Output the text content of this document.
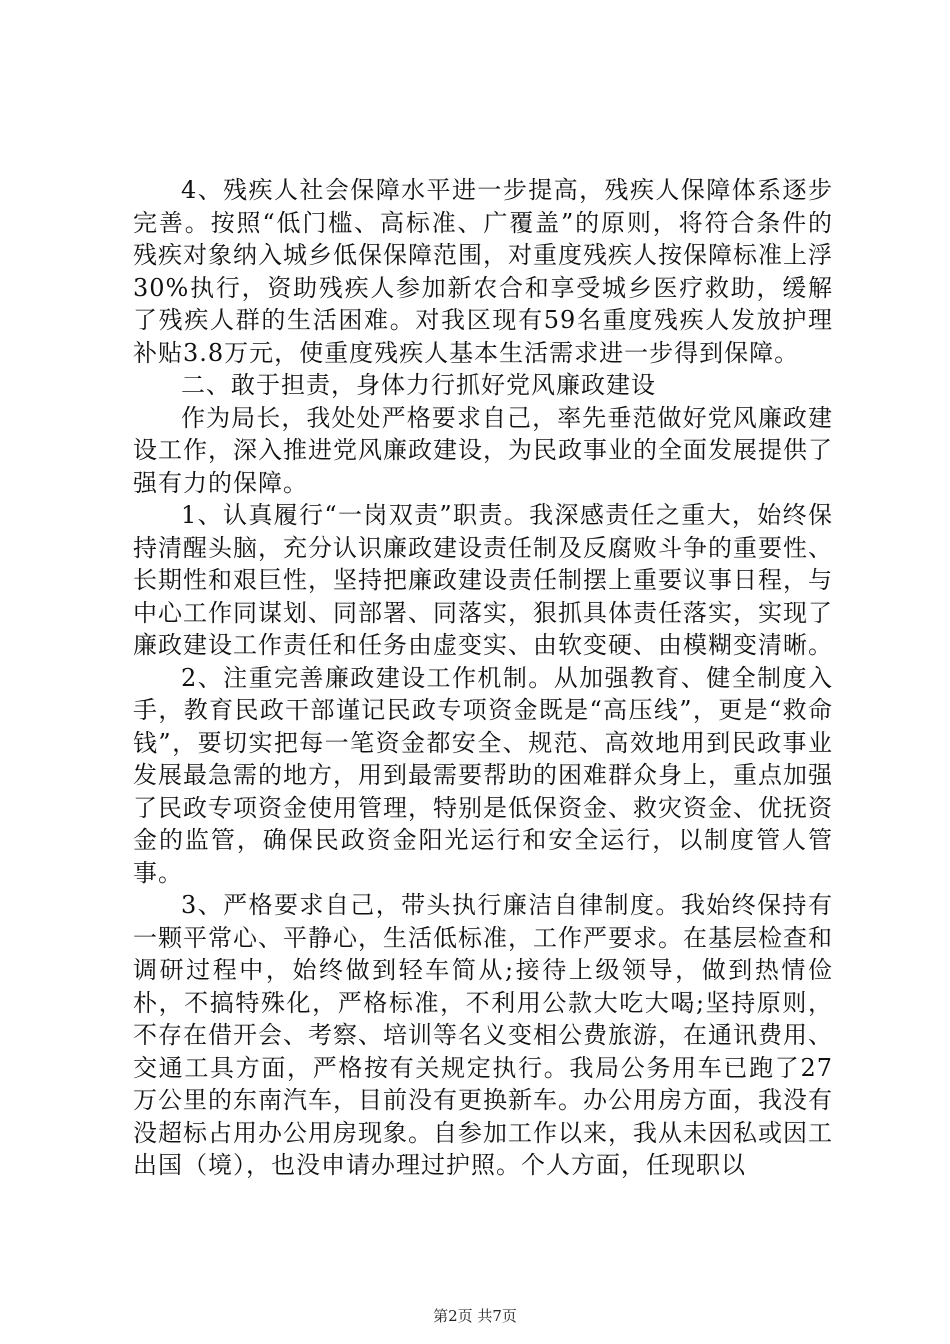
4、残疾人社会保障水平进一步提高，残疾人保障体系逐步完善。按照“低门槛、高标准、广覆盖”的原则，将符合条件的残疾对象纳入城乡低保保障范围，对重度残疾人按保障标准上浮30%执行，资助残疾人参加新农合和享受城乡医疗救助，缓解了残疾人群的生活困难。对我区现有59名重度残疾人发放护理补贴3.8万元，使重度残疾人基本生活需求进一步得到保障。

二、敢于担责，身体力行抓好党风廉政建设

作为局长，我处处严格要求自己，率先垂范做好党风廉政建设工作，深入推进党风廉政建设，为民政事业的全面发展提供了强有力的保障。

1、认真履行“一岗双责”职责。我深感责任之重大，始终保持清醒头脑，充分认识廉政建设责任制及反腐败斗争的重要性、长期性和艰巨性，坚持把廉政建设责任制摆上重要议事日程，与中心工作同谋划、同部署、同落实，狠抓具体责任落实，实现了廉政建设工作责任和任务由虚变实、由软变硬、由模糊变清晰。

2、注重完善廉政建设工作机制。从加强教育、健全制度入手，教育民政干部谨记民政专项资金既是“高压线”，更是“救命钱”，要切实把每一笔资金都安全、规范、高效地用到民政事业发展最急需的地方，用到最需要帮助的困难群众身上，重点加强了民政专项资金使用管理，特别是低保资金、救灾资金、优抚资金的监管，确保民政资金阳光运行和安全运行，以制度管人管事。

3、严格要求自己，带头执行廉洁自律制度。我始终保持有一颗平常心、平静心，生活低标准，工作严要求。在基层检查和调研过程中，始终做到轻车简从;接待上级领导，做到热情俭朴，不搞特殊化，严格标准，不利用公款大吃大喝;坚持原则，不存在借开会、考察、培训等名义变相公费旅游，在通讯费用、交通工具方面，严格按有关规定执行。我局公务用车已跑了27万公里的东南汽车，目前没有更换新车。办公用房方面，我没有没超标占用办公用房现象。自参加工作以来，我从未因私或因工出国（境），也没申请办理过护照。个人方面，任现职以

第2页 共7页
